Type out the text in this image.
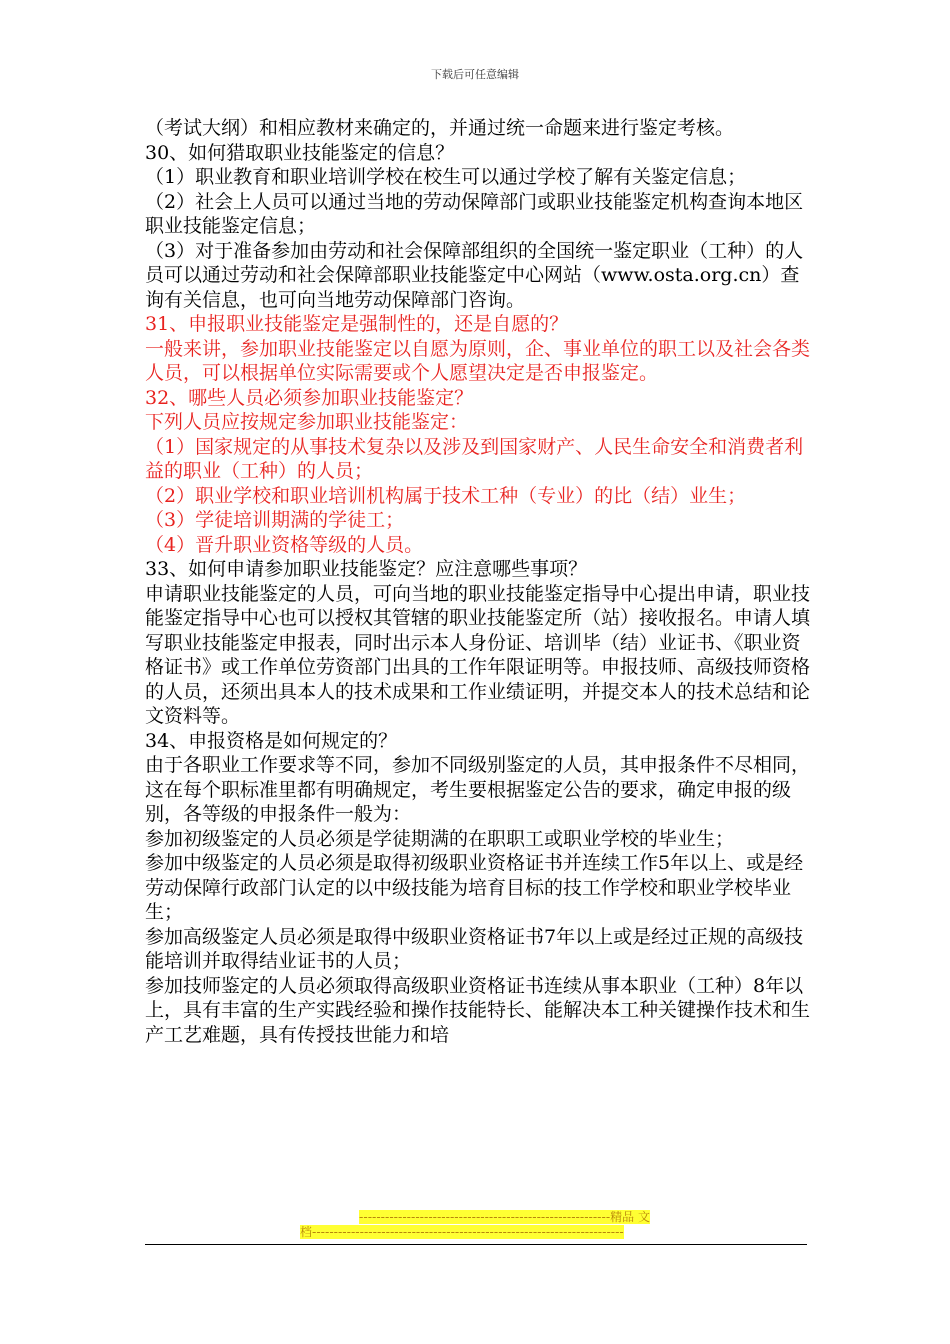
下载后可任意编辑

（考试大纲）和相应教材来确定的，并通过统一命题来进行鉴定考核。

30、如何猎取职业技能鉴定的信息？

（1）职业教育和职业培训学校在校生可以通过学校了解有关鉴定信息；

（2）社会上人员可以通过当地的劳动保障部门或职业技能鉴定机构查询本地区职业技能鉴定信息；

（3）对于准备参加由劳动和社会保障部组织的全国统一鉴定职业（工种）的人员可以通过劳动和社会保障部职业技能鉴定中心网站（www.osta.org.cn）查询有关信息，也可向当地劳动保障部门咨询。

31、申报职业技能鉴定是强制性的，还是自愿的？

一般来讲，参加职业技能鉴定以自愿为原则，企、事业单位的职工以及社会各类人员，可以根据单位实际需要或个人愿望决定是否申报鉴定。

32、哪些人员必须参加职业技能鉴定？

下列人员应按规定参加职业技能鉴定：

（1）国家规定的从事技术复杂以及涉及到国家财产、人民生命安全和消费者利益的职业（工种）的人员；

（2）职业学校和职业培训机构属于技术工种（专业）的比（结）业生；

（3）学徒培训期满的学徒工；

（4）晋升职业资格等级的人员。

33、如何申请参加职业技能鉴定？应注意哪些事项？

申请职业技能鉴定的人员，可向当地的职业技能鉴定指导中心提出申请，职业技能鉴定指导中心也可以授权其管辖的职业技能鉴定所（站）接收报名。申请人填写职业技能鉴定申报表，同时出示本人身份证、培训毕（结）业证书、《职业资格证书》或工作单位劳资部门出具的工作年限证明等。申报技师、高级技师资格的人员，还须出具本人的技术成果和工作业绩证明，并提交本人的技术总结和论文资料等。

34、申报资格是如何规定的？

由于各职业工作要求等不同，参加不同级别鉴定的人员，其申报条件不尽相同，这在每个职标准里都有明确规定，考生要根据鉴定公告的要求，确定申报的级别，各等级的申报条件一般为：

参加初级鉴定的人员必须是学徒期满的在职职工或职业学校的毕业生；

参加中级鉴定的人员必须是取得初级职业资格证书并连续工作5年以上、或是经劳动保障行政部门认定的以中级技能为培育目标的技工作学校和职业学校毕业生；

参加高级鉴定人员必须是取得中级职业资格证书7年以上或是经过正规的高级技能培训并取得结业证书的人员；

参加技师鉴定的人员必须取得高级职业资格证书连续从事本职业（工种）8年以上，具有丰富的生产实践经验和操作技能特长、能解决本工种关键操作技术和生产工艺难题，具有传授技世能力和培

----------------------------------------------------------精品 文
档------------------------------------------------------------------------
